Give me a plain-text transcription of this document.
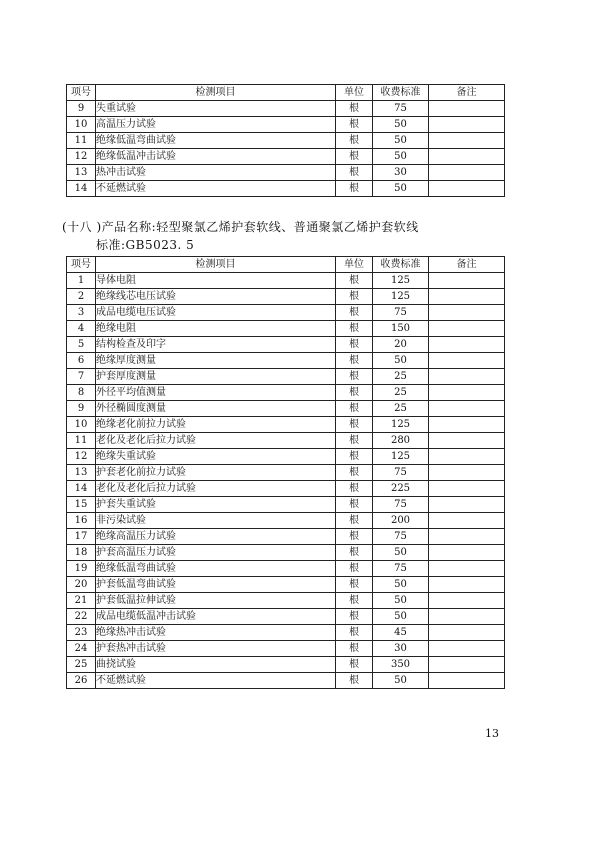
项号	检测项目	单位	收费标准	备注
9	失重试验	根	75	
10	高温压力试验	根	50	
11	绝缘低温弯曲试验	根	50	
12	绝缘低温冲击试验	根	50	
13	热冲击试验	根	30	
14	不延燃试验	根	50	
(十八 )产品名称:轻型聚氯乙烯护套软线、普通聚氯乙烯护套软线
标准:GB5023. 5
项号	检测项目	单位	收费标准	备注
1	导体电阻	根	125	
2	绝缘线芯电压试验	根	125	
3	成品电缆电压试验	根	75	
4	绝缘电阻	根	150	
5	结构检查及印字	根	20	
6	绝缘厚度测量	根	50	
7	护套厚度测量	根	25	
8	外径平均值测量	根	25	
9	外径椭圆度测量	根	25	
10	绝缘老化前拉力试验	根	125	
11	老化及老化后拉力试验	根	280	
12	绝缘失重试验	根	125	
13	护套老化前拉力试验	根	75	
14	老化及老化后拉力试验	根	225	
15	护套失重试验	根	75	
16	非污染试验	根	200	
17	绝缘高温压力试验	根	75	
18	护套高温压力试验	根	50	
19	绝缘低温弯曲试验	根	75	
20	护套低温弯曲试验	根	50	
21	护套低温拉伸试验	根	50	
22	成品电缆低温冲击试验	根	50	
23	绝缘热冲击试验	根	45	
24	护套热冲击试验	根	30	
25	曲挠试验	根	350	
26	不延燃试验	根	50	
13
